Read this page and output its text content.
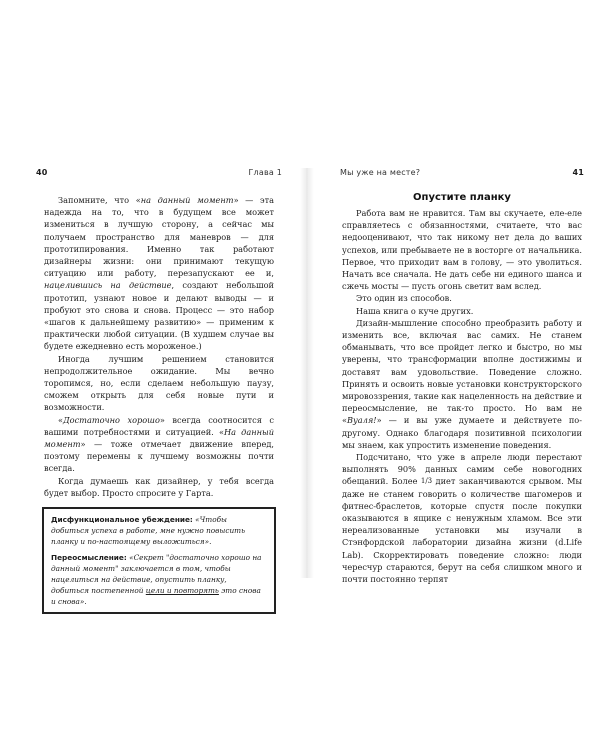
40	Глава 1

Запомните, что «на данный момент» — эта надежда на то, что в будущем все может измениться в лучшую сторону, а сейчас мы получаем пространство для маневров — для прототипирования. Именно так работают дизайнеры жизни: они принимают текущую ситуацию или работу, перезапускают ее и, нацелившись на действие, создают небольшой прототип, узнают новое и делают выводы — и пробуют это снова и снова. Процесс — это набор «шагов к дальнейшему развитию» — применим к практически любой ситуации. (В худшем случае вы будете ежедневно есть мороженое.)

Иногда лучшим решением становится непродолжительное ожидание. Мы вечно торопимся, но, если сделаем небольшую паузу, сможем открыть для себя новые пути и возможности.

«Достаточно хорошо» всегда соотносится с вашими потребностями и ситуацией. «На данный момент» — тоже отмечает движение вперед, поэтому перемены к лучшему возможны почти всегда.

Когда думаешь как дизайнер, у тебя всегда будет выбор. Просто спросите у Гарта.

Дисфункциональное убеждение: «Чтобы добиться успеха в работе, мне нужно повысить планку и по-настоящему выложиться».

Переосмысление: «Секрет "достаточно хорошо на данный момент" заключается в том, чтобы нацелиться на действие, опустить планку, добиться постепенной цели и повторять это снова и снова».

Мы уже на месте?	41
Опустите планку

Работа вам не нравится. Там вы скучаете, еле-еле справляетесь с обязанностями, считаете, что вас недооценивают, что так никому нет дела до ваших успехов, или пребываете не в восторге от начальника. Первое, что приходит вам в голову, — это уволиться. Начать все сначала. Не дать себе ни единого шанса и сжечь мосты — пусть огонь светит вам вслед.

Это один из способов.

Наша книга о куче других.

Дизайн-мышление способно преобразить работу и изменить все, включая вас самих. Не станем обманывать, что все пройдет легко и быстро, но мы уверены, что трансформации вполне достижимы и доставят вам удовольствие. Поведение сложно. Принять и освоить новые установки конструкторского мировоззрения, такие как нацеленность на действие и переосмысление, не так-то просто. Но вам не «Вуаля!» — и вы уже думаете и действуете по-другому. Однако благодаря позитивной психологии мы знаем, как упростить изменение поведения.

Подсчитано, что уже в апреле люди перестают выполнять 90% данных самим себе новогодних обещаний. Более 1/3 диет заканчиваются срывом. Мы даже не станем говорить о количестве шагомеров и фитнес-браслетов, которые спустя после покупки оказываются в ящике с ненужным хламом. Все эти нереализованные установки мы изучали в Стэнфордской лаборатории дизайна жизни (d.Life Lab). Скорректировать поведение сложно: люди чересчур стараются, берут на себя слишком много и почти постоянно терпят
